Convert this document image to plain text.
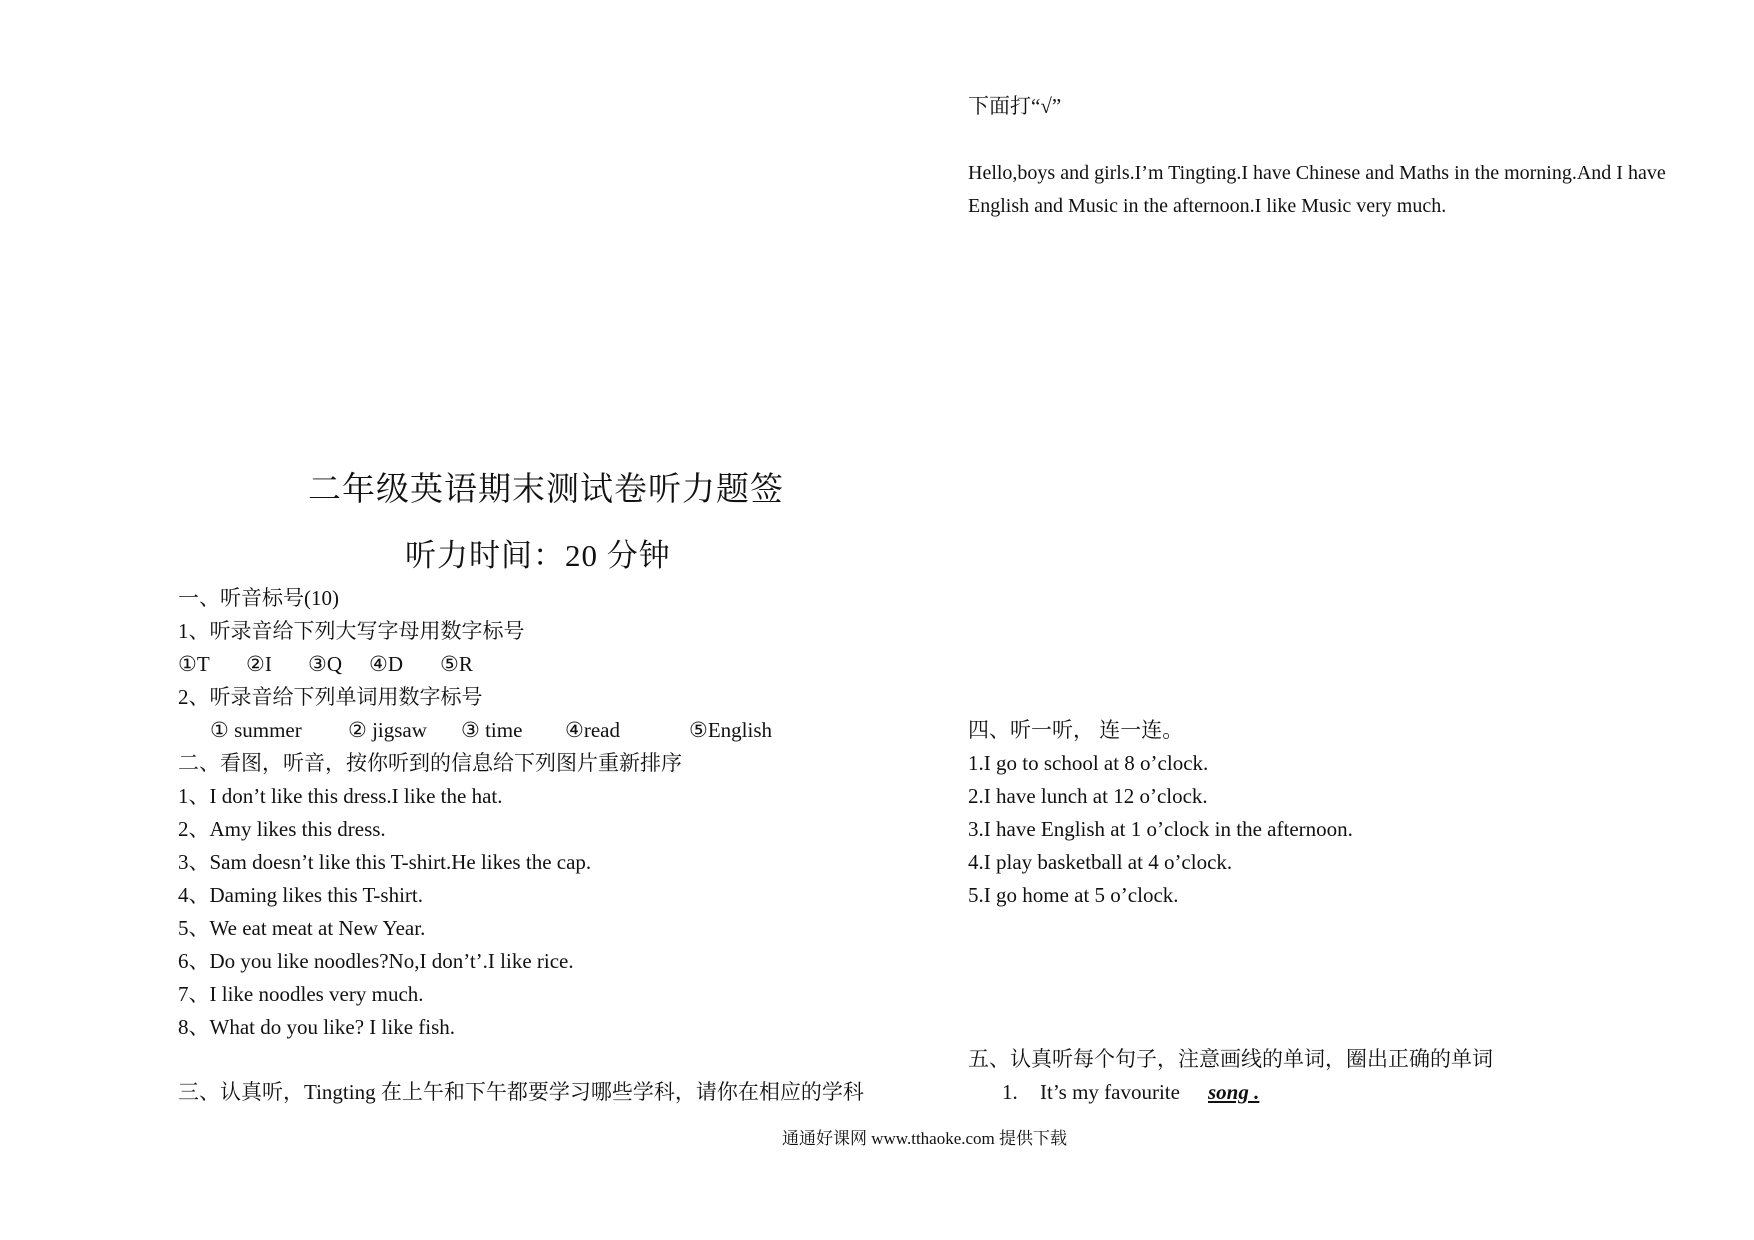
下面打“√”
Hello,boys and girls.I’m Tingting.I have Chinese and Maths in the morning.And I have English and Music in the afternoon.I like Music very much.
二年级英语期末测试卷听力题签
听力时间：20 分钟
一、听音标号(10)
1、听录音给下列大写字母用数字标号
①T ②I ③Q ④D ⑤R
2、听录音给下列单词用数字标号
① summer ② jigsaw ③ time ④read	⑤English
二、看图，听音，按你听到的信息给下列图片重新排序
1、I don’t like this dress.I like the hat.
2、Amy likes this dress.
3、Sam doesn’t like this T-shirt.He likes the cap.
4、Daming likes this T-shirt.
5、We eat meat at New Year.
6、Do you like noodles?No,I don’t’.I like rice.
7、I like noodles very much.
8、What do you like? I like fish.
三、认真听，Tingting 在上午和下午都要学习哪些学科，请你在相应的学科
四、听一听， 连一连。
1.I go to school at 8 o’clock.
2.I have lunch at 12 o’clock.
3.I have English at 1 o’clock in the afternoon.
4.I play basketball at 4 o’clock.
5.I go home at 5 o’clock.
五、认真听每个句子，注意画线的单词，圈出正确的单词
1. It’s my favourite song .
通通好课网 www.tthaoke.com 提供下载
